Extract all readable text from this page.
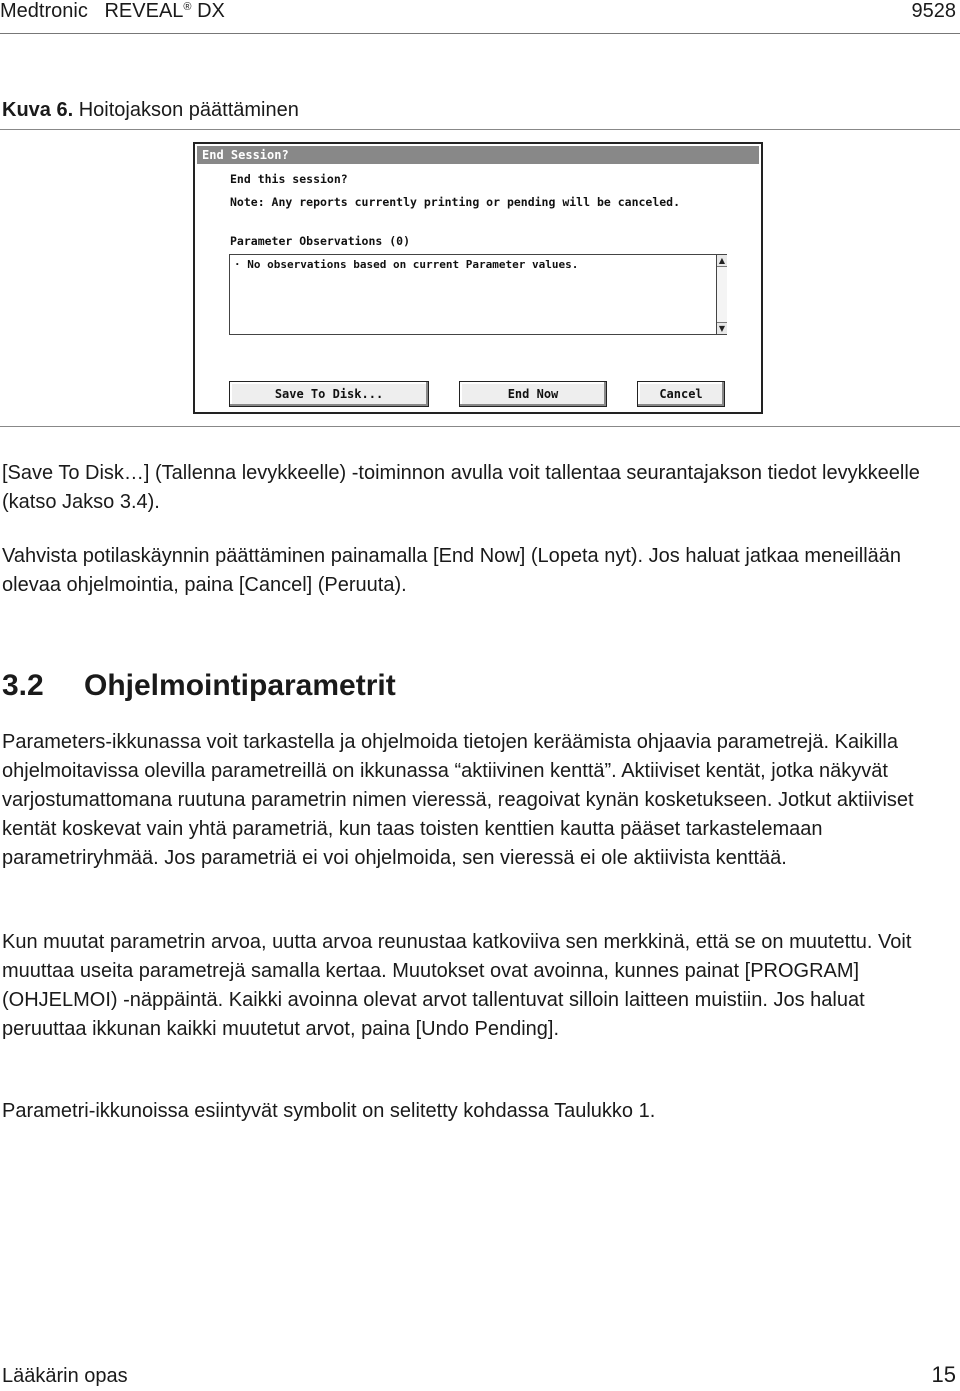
Medtronic REVEAL® DX	9528
Kuva 6. Hoitojakson päättäminen
End Session?
End this session?
Note: Any reports currently printing or pending will be canceled.
Parameter Observations (0)
· No observations based on current Parameter values.	▲
▼
Save To Disk...	End Now	Cancel

[Save To Disk…] (Tallenna levykkeelle) -toiminnon avulla voit tallentaa seurantajakson tiedot levykkeelle (katso Jakso 3.4).

Vahvista potilaskäynnin päättäminen painamalla [End Now] (Lopeta nyt). Jos haluat jatkaa meneillään olevaa ohjelmointia, paina [Cancel] (Peruuta).

3.2 Ohjelmointiparametrit

Parameters-ikkunassa voit tarkastella ja ohjelmoida tietojen keräämista ohjaavia parametrejä. Kaikilla ohjelmoitavissa olevilla parametreillä on ikkunassa “aktiivinen kenttä”. Aktiiviset kentät, jotka näkyvät varjostumattomana ruutuna parametrin nimen vieressä, reagoivat kynän kosketukseen. Jotkut aktiiviset kentät koskevat vain yhtä parametriä, kun taas toisten kenttien kautta pääset tarkastelemaan parametriryhmää. Jos parametriä ei voi ohjelmoida, sen vieressä ei ole aktiivista kenttää.

Kun muutat parametrin arvoa, uutta arvoa reunustaa katkoviiva sen merkkinä, että se on muutettu. Voit muuttaa useita parametrejä samalla kertaa. Muutokset ovat avoinna, kunnes painat [PROGRAM] (OHJELMOI) -näppäintä. Kaikki avoinna olevat arvot tallentuvat silloin laitteen muistiin. Jos haluat peruuttaa ikkunan kaikki muutetut arvot, paina [Undo Pending].

Parametri-ikkunoissa esiintyvät symbolit on selitetty kohdassa Taulukko 1.

Lääkärin opas	15
